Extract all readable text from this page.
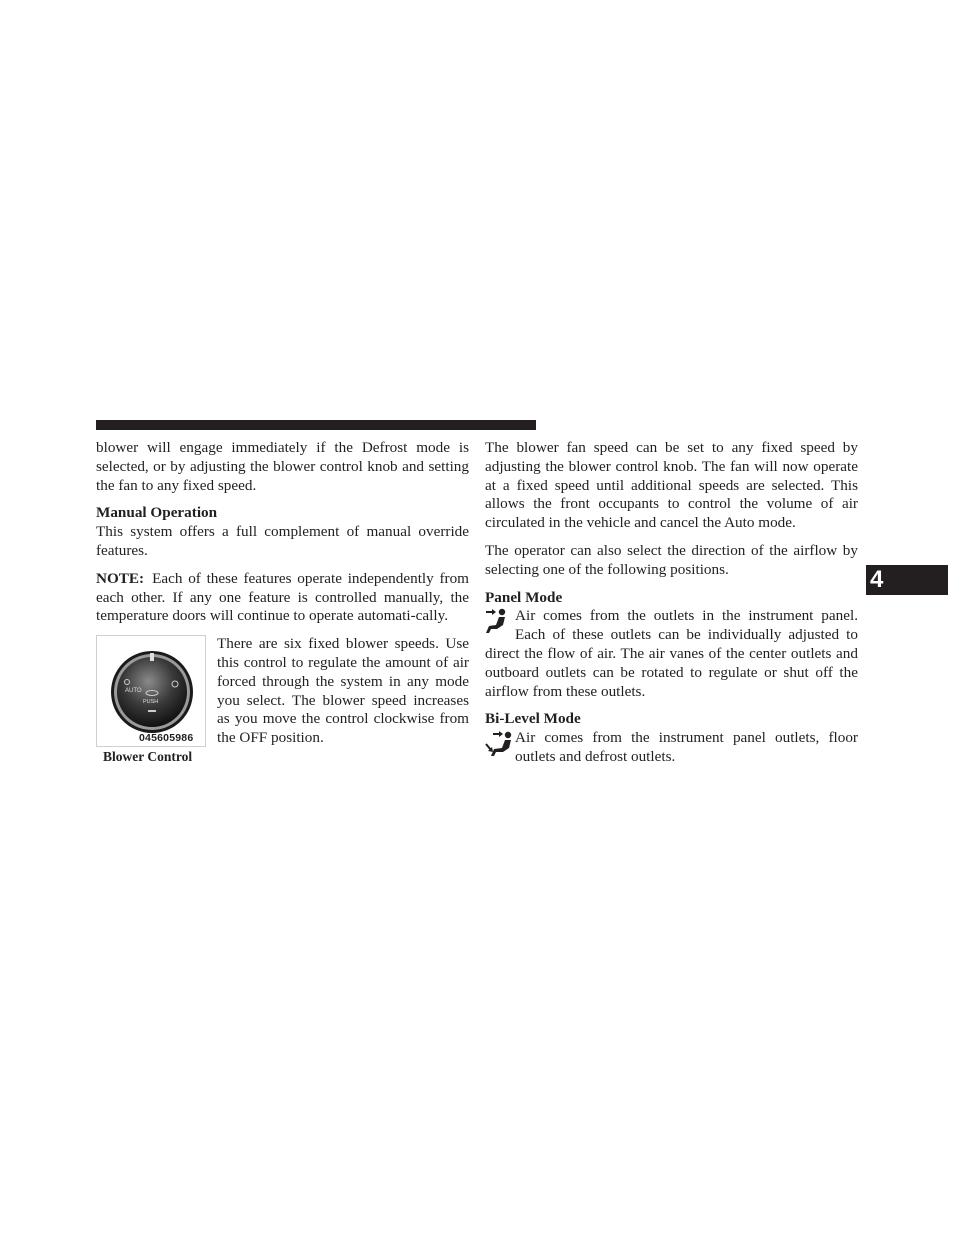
blower will engage immediately if the Defrost mode is selected, or by adjusting the blower control knob and setting the fan to any fixed speed.

Manual Operation

This system offers a full complement of manual override features.

NOTE: Each of these features operate independently from each other. If any one feature is controlled manually, the temperature doors will continue to operate automati-cally.

AUTO
PUSH
045605986
Blower Control

There are six fixed blower speeds. Use this control to regulate the amount of air forced through the system in any mode you select. The blower speed increases as you move the control clockwise from the OFF position.

The blower fan speed can be set to any fixed speed by adjusting the blower control knob. The fan will now operate at a fixed speed until additional speeds are selected. This allows the front occupants to control the volume of air circulated in the vehicle and cancel the Auto mode.

The operator can also select the direction of the airflow by selecting one of the following positions.

Panel Mode

Air comes from the outlets in the instrument panel. Each of these outlets can be individually adjusted to direct the flow of air. The air vanes of the center outlets and outboard outlets can be rotated to regulate or shut off the airflow from these outlets.

Bi-Level Mode

Air comes from the instrument panel outlets, floor outlets and defrost outlets.

4
